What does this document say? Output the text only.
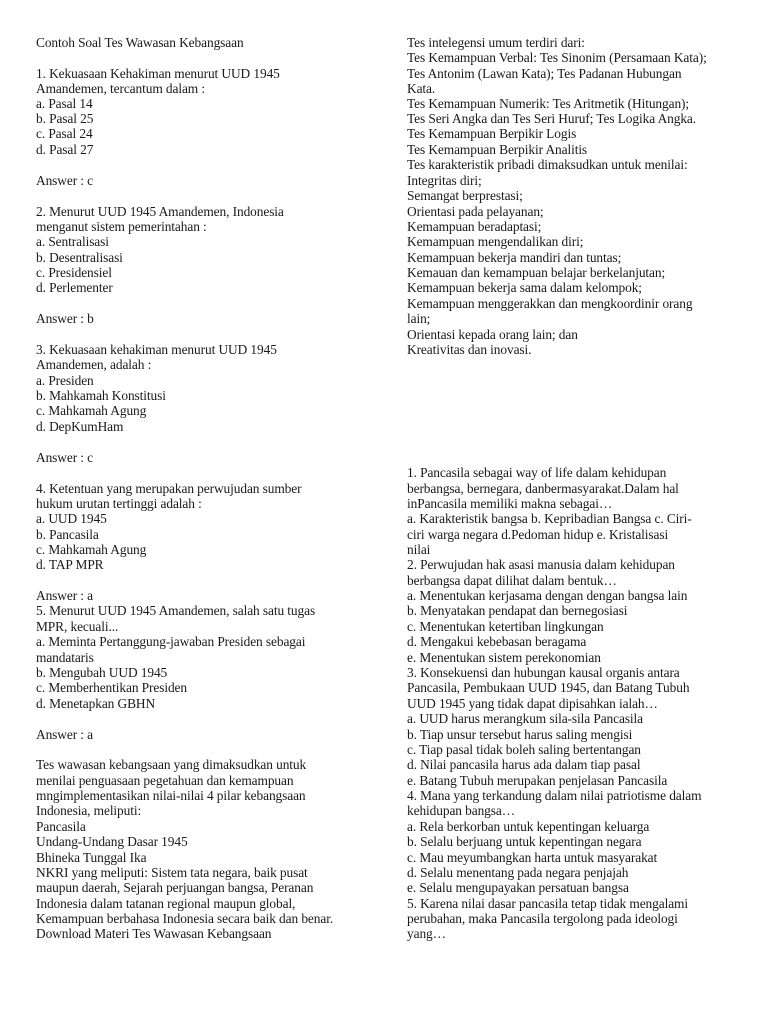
Contoh Soal Tes Wawasan Kebangsaan
1. Kekuasaan Kehakiman menurut UUD 1945
Amandemen, tercantum dalam :
a. Pasal 14
b. Pasal 25
c. Pasal 24
d. Pasal 27
Answer : c
2. Menurut UUD 1945 Amandemen, Indonesia
menganut sistem pemerintahan :
a. Sentralisasi
b. Desentralisasi
c. Presidensiel
d. Perlementer
Answer : b
3. Kekuasaan kehakiman menurut UUD 1945
Amandemen, adalah :
a. Presiden
b. Mahkamah Konstitusi
c. Mahkamah Agung
d. DepKumHam
Answer : c
4. Ketentuan yang merupakan perwujudan sumber
hukum urutan tertinggi adalah :
a. UUD 1945
b. Pancasila
c. Mahkamah Agung
d. TAP MPR
Answer : a
5. Menurut UUD 1945 Amandemen, salah satu tugas
MPR, kecuali...
a. Meminta Pertanggung-jawaban Presiden sebagai
mandataris
b. Mengubah UUD 1945
c. Memberhentikan Presiden
d. Menetapkan GBHN
Answer : a
Tes wawasan kebangsaan yang dimaksudkan untuk
menilai penguasaan pegetahuan dan kemampuan
mngimplementasikan nilai-nilai 4 pilar kebangsaan
Indonesia, meliputi:
Pancasila
Undang-Undang Dasar 1945
Bhineka Tunggal Ika
NKRI yang meliputi: Sistem tata negara, baik pusat
maupun daerah, Sejarah perjuangan bangsa, Peranan
Indonesia dalam tatanan regional maupun global,
Kemampuan berbahasa Indonesia secara baik dan benar.
Download Materi Tes Wawasan Kebangsaan
Tes intelegensi umum terdiri dari:
Tes Kemampuan Verbal: Tes Sinonim (Persamaan Kata);
Tes Antonim (Lawan Kata); Tes Padanan Hubungan
Kata.
Tes Kemampuan Numerik: Tes Aritmetik (Hitungan);
Tes Seri Angka dan Tes Seri Huruf; Tes Logika Angka.
Tes Kemampuan Berpikir Logis
Tes Kemampuan Berpikir Analitis
Tes karakteristik pribadi dimaksudkan untuk menilai:
Integritas diri;
Semangat berprestasi;
Orientasi pada pelayanan;
Kemampuan beradaptasi;
Kemampuan mengendalikan diri;
Kemampuan bekerja mandiri dan tuntas;
Kemauan dan kemampuan belajar berkelanjutan;
Kemampuan bekerja sama dalam kelompok;
Kemampuan menggerakkan dan mengkoordinir orang
lain;
Orientasi kepada orang lain; dan
Kreativitas dan inovasi.
1. Pancasila sebagai way of life dalam kehidupan
berbangsa, bernegara, danbermasyarakat.Dalam hal
inPancasila memiliki makna sebagai…
a. Karakteristik bangsa b. Kepribadian Bangsa c. Ciri-
ciri warga negara d.Pedoman hidup e. Kristalisasi
nilai
2. Perwujudan hak asasi manusia dalam kehidupan
berbangsa dapat dilihat dalam bentuk…
a. Menentukan kerjasama dengan dengan bangsa lain
b. Menyatakan pendapat dan bernegosiasi
c. Menentukan ketertiban lingkungan
d. Mengakui kebebasan beragama
e. Menentukan sistem perekonomian
3. Konsekuensi dan hubungan kausal organis antara
Pancasila, Pembukaan UUD 1945, dan Batang Tubuh
UUD 1945 yang tidak dapat dipisahkan ialah…
a. UUD harus merangkum sila-sila Pancasila
b. Tiap unsur tersebut harus saling mengisi
c. Tiap pasal tidak boleh saling bertentangan
d. Nilai pancasila harus ada dalam tiap pasal
e. Batang Tubuh merupakan penjelasan Pancasila
4. Mana yang terkandung dalam nilai patriotisme dalam
kehidupan bangsa…
a. Rela berkorban untuk kepentingan keluarga
b. Selalu berjuang untuk kepentingan negara
c. Mau meyumbangkan harta untuk masyarakat
d. Selalu menentang pada negara penjajah
e. Selalu mengupayakan persatuan bangsa
5. Karena nilai dasar pancasila tetap tidak mengalami
perubahan, maka Pancasila tergolong pada ideologi
yang…
